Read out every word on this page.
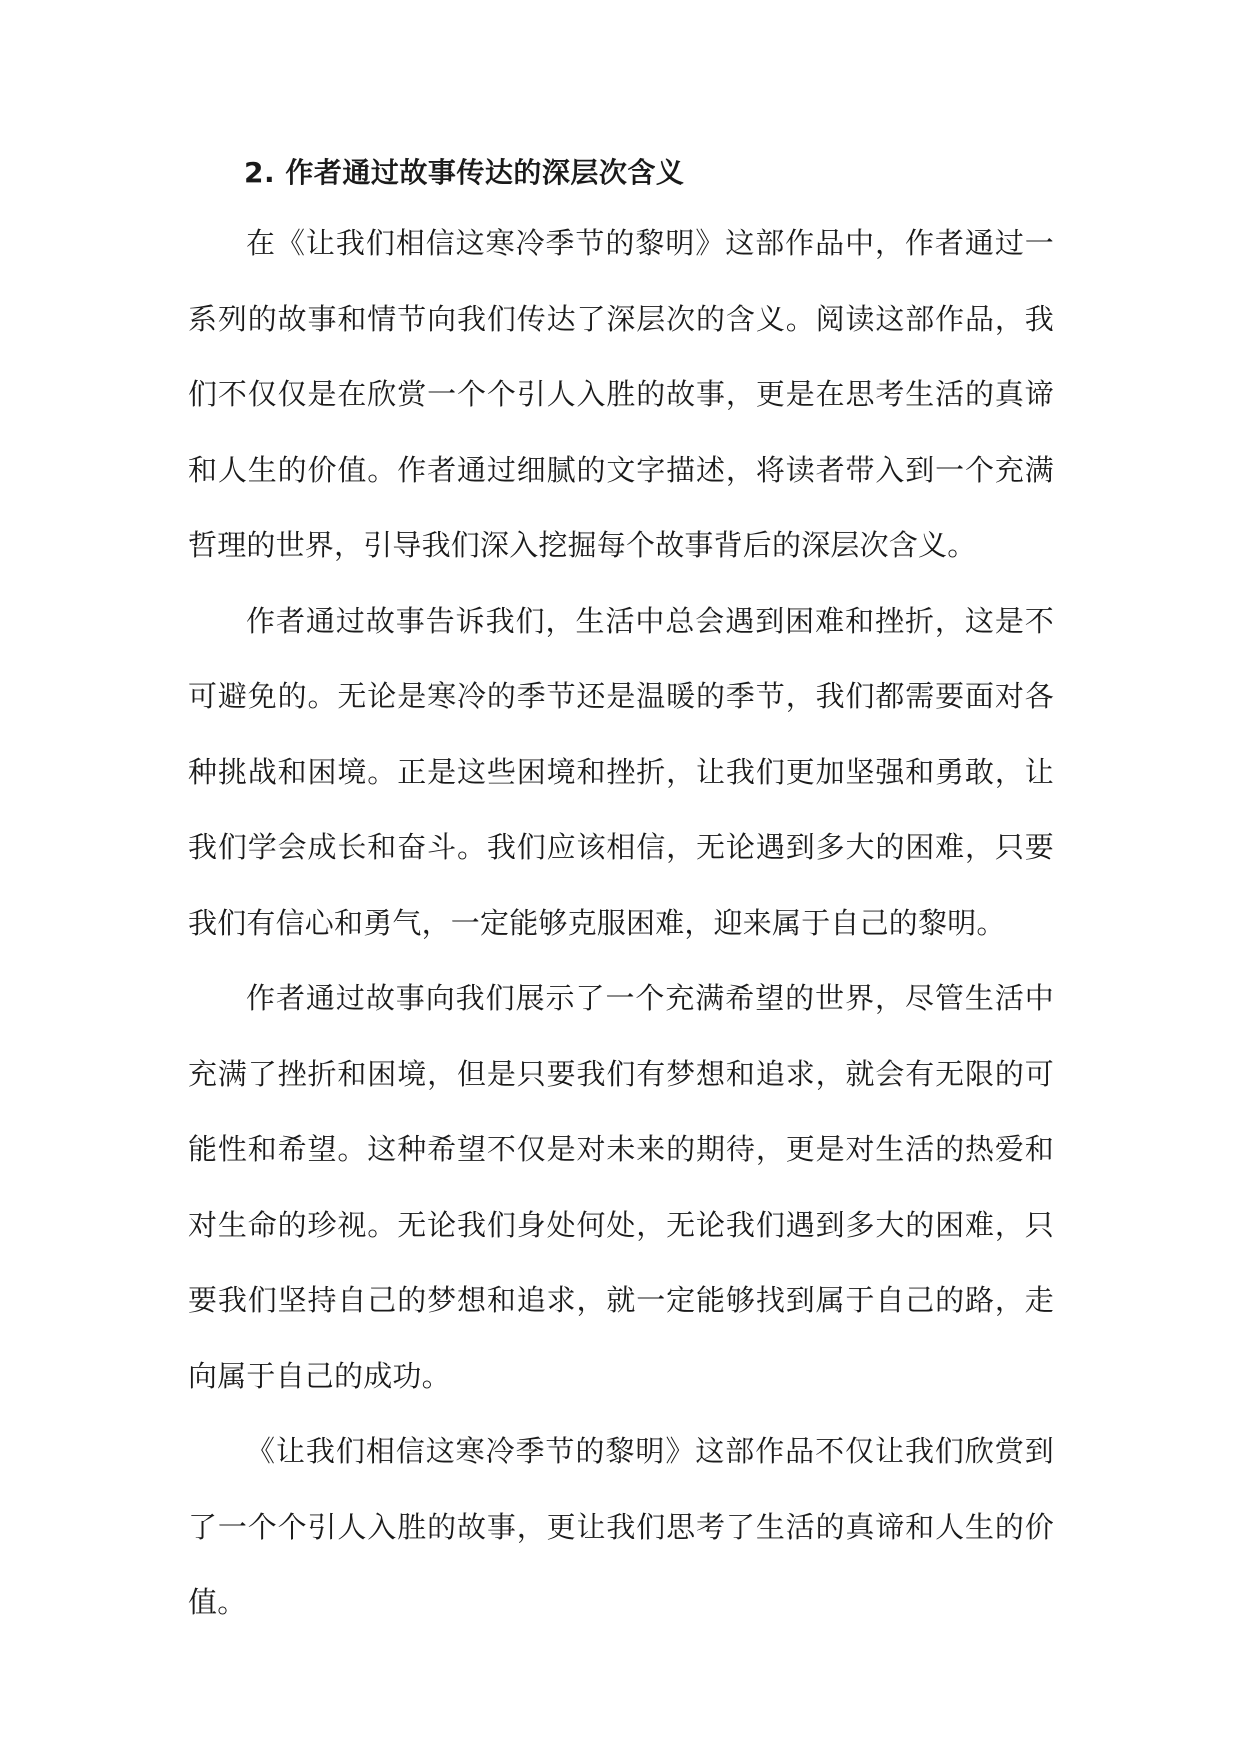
2. 作者通过故事传达的深层次含义

在《让我们相信这寒冷季节的黎明》这部作品中，作者通过一系列的故事和情节向我们传达了深层次的含义。阅读这部作品，我们不仅仅是在欣赏一个个引人入胜的故事，更是在思考生活的真谛和人生的价值。作者通过细腻的文字描述，将读者带入到一个充满哲理的世界，引导我们深入挖掘每个故事背后的深层次含义。

作者通过故事告诉我们，生活中总会遇到困难和挫折，这是不可避免的。无论是寒冷的季节还是温暖的季节，我们都需要面对各种挑战和困境。正是这些困境和挫折，让我们更加坚强和勇敢，让我们学会成长和奋斗。我们应该相信，无论遇到多大的困难，只要我们有信心和勇气，一定能够克服困难，迎来属于自己的黎明。

作者通过故事向我们展示了一个充满希望的世界，尽管生活中充满了挫折和困境，但是只要我们有梦想和追求，就会有无限的可能性和希望。这种希望不仅是对未来的期待，更是对生活的热爱和对生命的珍视。无论我们身处何处，无论我们遇到多大的困难，只要我们坚持自己的梦想和追求，就一定能够找到属于自己的路，走向属于自己的成功。

《让我们相信这寒冷季节的黎明》这部作品不仅让我们欣赏到了一个个引人入胜的故事，更让我们思考了生活的真谛和人生的价值。
